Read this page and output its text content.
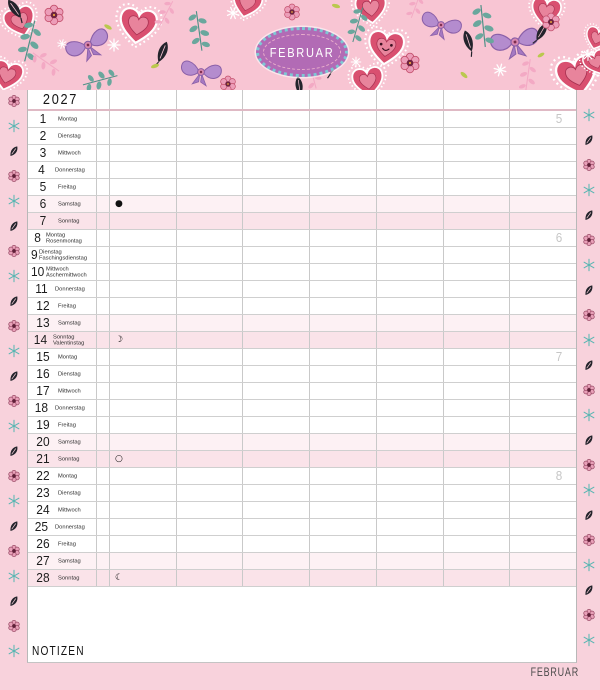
FEBRUAR
2027
1	Montag	5
2	Dienstag
3	Mittwoch
4	Donnerstag
5	Freitag
6	Samstag	●
7	Sonntag
8 Montag
Rosenmontag	6
9 Dienstag
Faschingsdienstag
10 Mittwoch
Aschermittwoch
11 Donnerstag
12	Freitag
13	Samstag
14 Sonntag
Valentinstag	☽
15	Montag	7
16	Dienstag
17	Mittwoch
18 Donnerstag
19	Freitag
20	Samstag
21	Sonntag	○
22	Montag	8
23	Dienstag
24	Mittwoch
25 Donnerstag
26	Freitag
27	Samstag
28	Sonntag	☾
NOTIZEN
FEBRUAR
